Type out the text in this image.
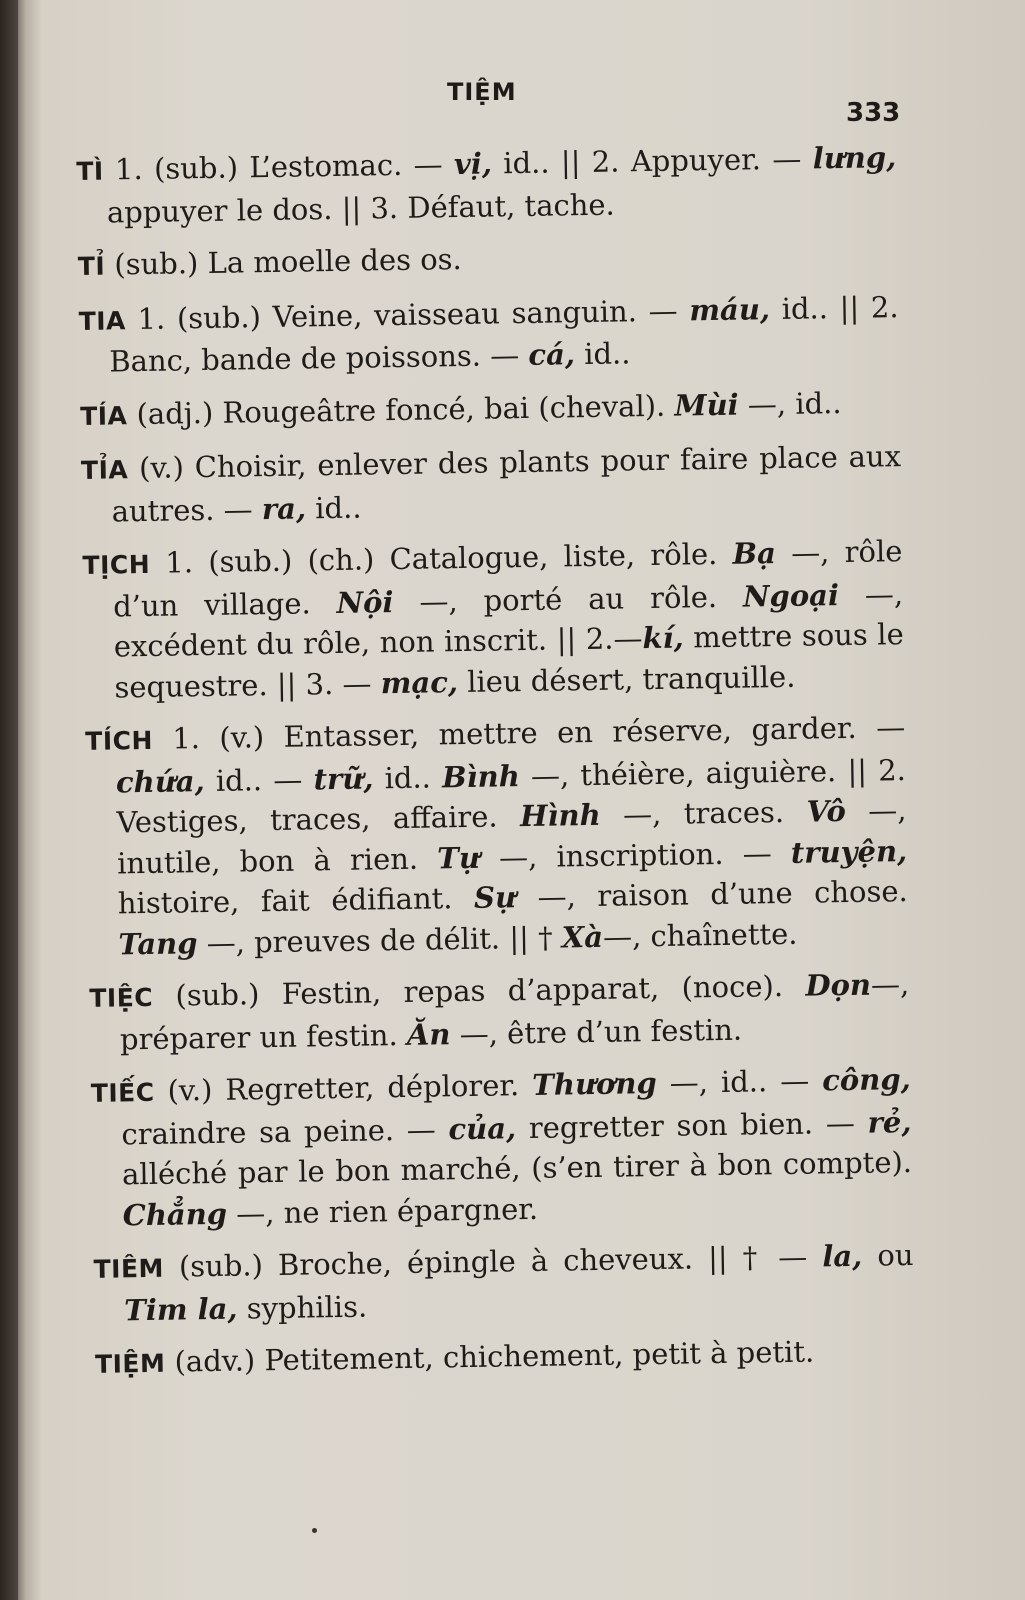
TIỆM
333
TÌ 1. (sub.) L’estomac. — vị, id.. || 2. Appuyer. — lưng, appuyer le dos. || 3. Défaut, tache.
TỈ (sub.) La moelle des os.
TIA 1. (sub.) Veine, vaisseau sanguin. — máu, id.. || 2. Banc, bande de poissons. — cá, id..
TÍA (adj.) Rougeâtre foncé, bai (cheval). Mùi —, id..
TỈA (v.) Choisir, enlever des plants pour faire place aux autres. — ra, id..
TỊCH 1. (sub.) (ch.) Catalogue, liste, rôle. Bạ —, rôle d’un village. Nội —, porté au rôle. Ngoại —, excédent du rôle, non inscrit. || 2.—kí, mettre sous le sequestre. || 3. — mạc, lieu désert, tranquille.
TÍCH 1. (v.) Entasser, mettre en réserve, garder. — chứa, id.. — trữ, id.. Bình —, théière, aiguière. || 2. Vestiges, traces, affaire. Hình —, traces. Vô —, inutile, bon à rien. Tự —, inscription. — truyện, histoire, fait édifiant. Sự —, raison d’une chose. Tang —, preuves de délit. || † Xà—, chaînette.
TIỆC (sub.) Festin, repas d’apparat, (noce). Dọn—, préparer un festin. Ăn —, être d’un festin.
TIẾC (v.) Regretter, déplorer. Thương —, id.. — công, craindre sa peine. — của, regretter son bien. — rẻ, alléché par le bon marché, (s’en tirer à bon compte). Chẳng —, ne rien épargner.
TIÊM (sub.) Broche, épingle à cheveux. || † — la, ou Tim la, syphilis.
TIỆM (adv.) Petitement, chichement, petit à petit.
